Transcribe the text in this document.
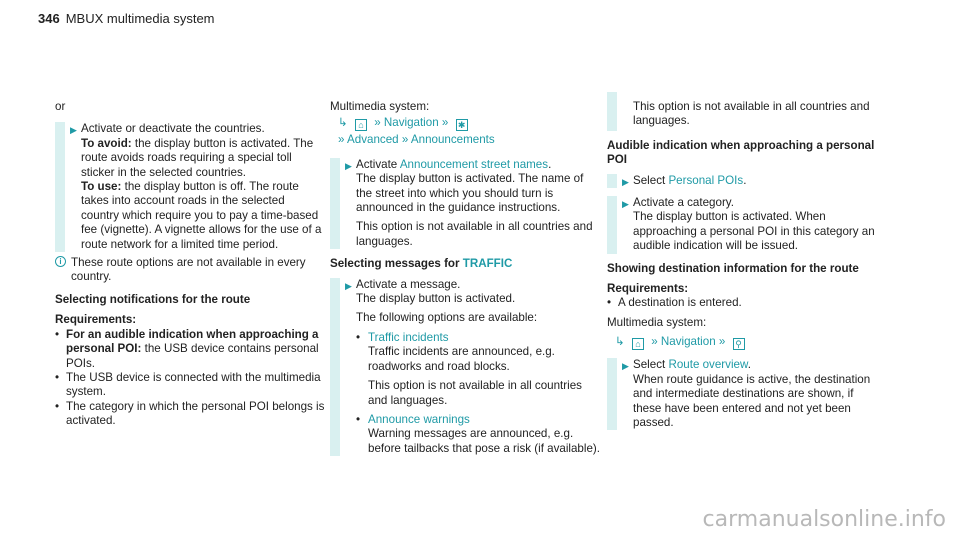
346 MBUX multimedia system
or
▶ Activate or deactivate the countries.
To avoid: the display button is activated. The route avoids roads requiring a special toll sticker in the selected countries.
To use: the display button is off. The route takes into account roads in the selected country which require you to pay a time-based fee (vignette). A vignette allows for the use of a route network for a limited time period.
i These route options are not available in every country.
Selecting notifications for the route
Requirements:
• For an audible indication when approaching a personal POI: the USB device contains personal POIs.
• The USB device is connected with the multimedia system.
• The category in which the personal POI belongs is activated.
Multimedia system:
↳ ⌂ » Navigation » ✱
» Advanced » Announcements
▶ Activate Announcement street names.
The display button is activated. The name of the street into which you should turn is announced in the guidance instructions.
This option is not available in all countries and languages.
Selecting messages for TRAFFIC
▶ Activate a message.
The display button is activated.
The following options are available:
• Traffic incidents
Traffic incidents are announced, e.g. roadworks and road blocks.
This option is not available in all countries and languages.
• Announce warnings
Warning messages are announced, e.g. before tailbacks that pose a risk (if available).
This option is not available in all countries and languages.
Audible indication when approaching a personal POI
▶ Select Personal POIs.
▶ Activate a category.
The display button is activated. When approaching a personal POI in this category an audible indication will be issued.
Showing destination information for the route
Requirements:
• A destination is entered.
Multimedia system:
↳ ⌂ » Navigation » ⚲
▶ Select Route overview.
When route guidance is active, the destination and intermediate destinations are shown, if these have been entered and not yet been passed.
carmanualsonline.info
